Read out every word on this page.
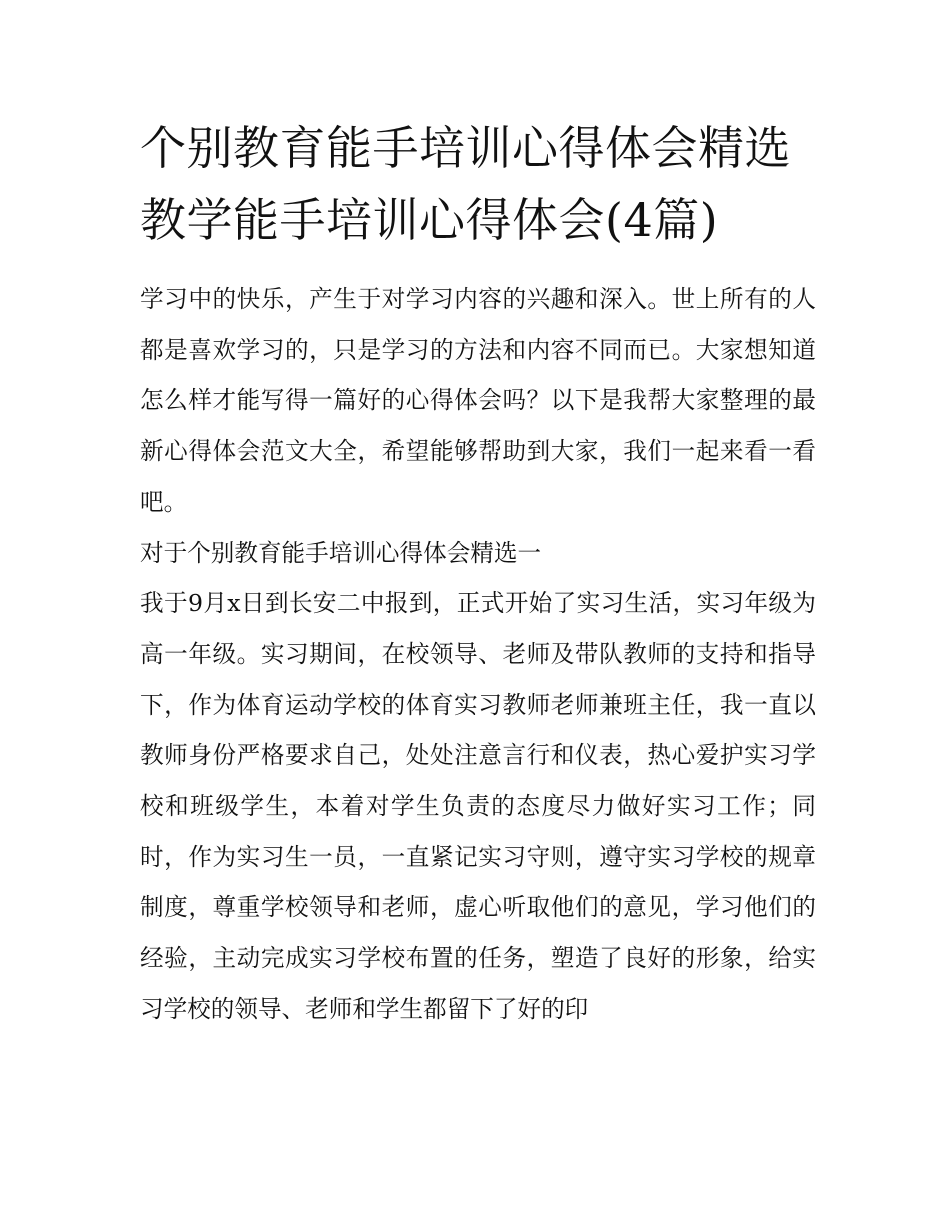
个别教育能手培训心得体会精选 教学能手培训心得体会(4篇)

学习中的快乐，产生于对学习内容的兴趣和深入。世上所有的人都是喜欢学习的，只是学习的方法和内容不同而已。大家想知道怎么样才能写得一篇好的心得体会吗？以下是我帮大家整理的最新心得体会范文大全，希望能够帮助到大家，我们一起来看一看吧。

对于个别教育能手培训心得体会精选一

我于9月x日到长安二中报到，正式开始了实习生活，实习年级为高一年级。实习期间，在校领导、老师及带队教师的支持和指导下，作为体育运动学校的体育实习教师老师兼班主任，我一直以教师身份严格要求自己，处处注意言行和仪表，热心爱护实习学校和班级学生，本着对学生负责的态度尽力做好实习工作；同时，作为实习生一员，一直紧记实习守则，遵守实习学校的规章制度，尊重学校领导和老师，虚心听取他们的意见，学习他们的经验，主动完成实习学校布置的任务，塑造了良好的形象，给实习学校的领导、老师和学生都留下了好的印
